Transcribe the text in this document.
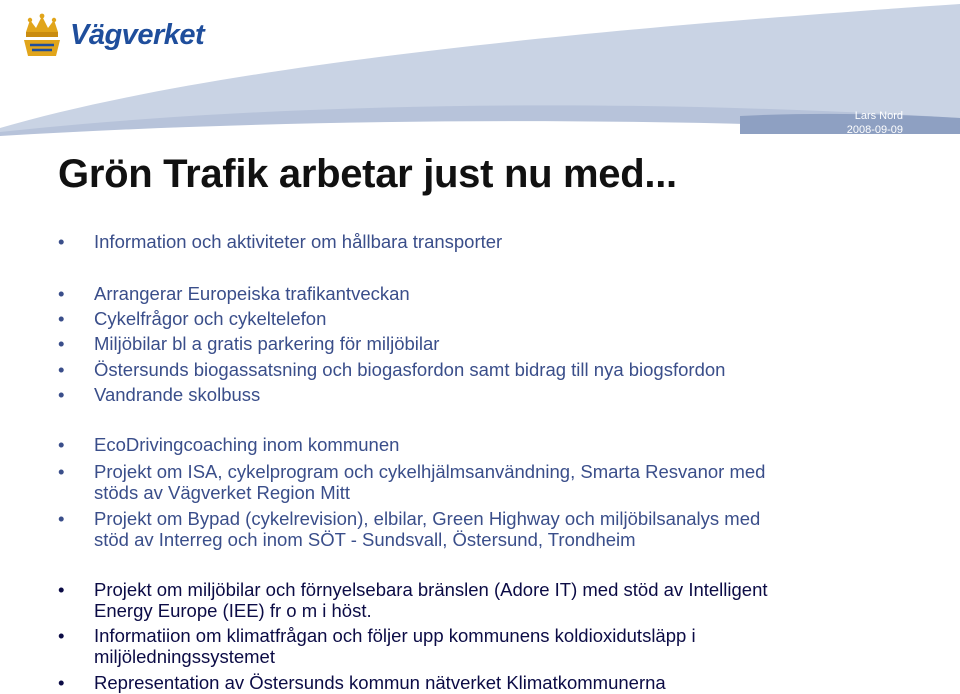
Vägverket
Lars Nord
2008-09-09
Grön Trafik arbetar just nu med...
• Information och aktiviteter om hållbara transporter
• Arrangerar Europeiska trafikantveckan
• Cykelfrågor och cykeltelefon
• Miljöbilar bl a gratis parkering för miljöbilar
• Östersunds biogassatsning och biogasfordon samt bidrag till nya biogsfordon
• Vandrande skolbuss
• EcoDrivingcoaching inom kommunen
• Projekt om ISA, cykelprogram och cykelhjälmsanvändning, Smarta Resvanor med
stöds av Vägverket Region Mitt
• Projekt om Bypad (cykelrevision), elbilar, Green Highway och miljöbilsanalys med
stöd av Interreg och inom SÖT - Sundsvall, Östersund, Trondheim
• Projekt om miljöbilar och förnyelsebara bränslen (Adore IT) med stöd av Intelligent
Energy Europe (IEE) fr o m i höst.
• Informatiion om klimatfrågan och följer upp kommunens koldioxidutsläpp i
miljöledningssystemet
• Representation av Östersunds kommun nätverket Klimatkommunerna
